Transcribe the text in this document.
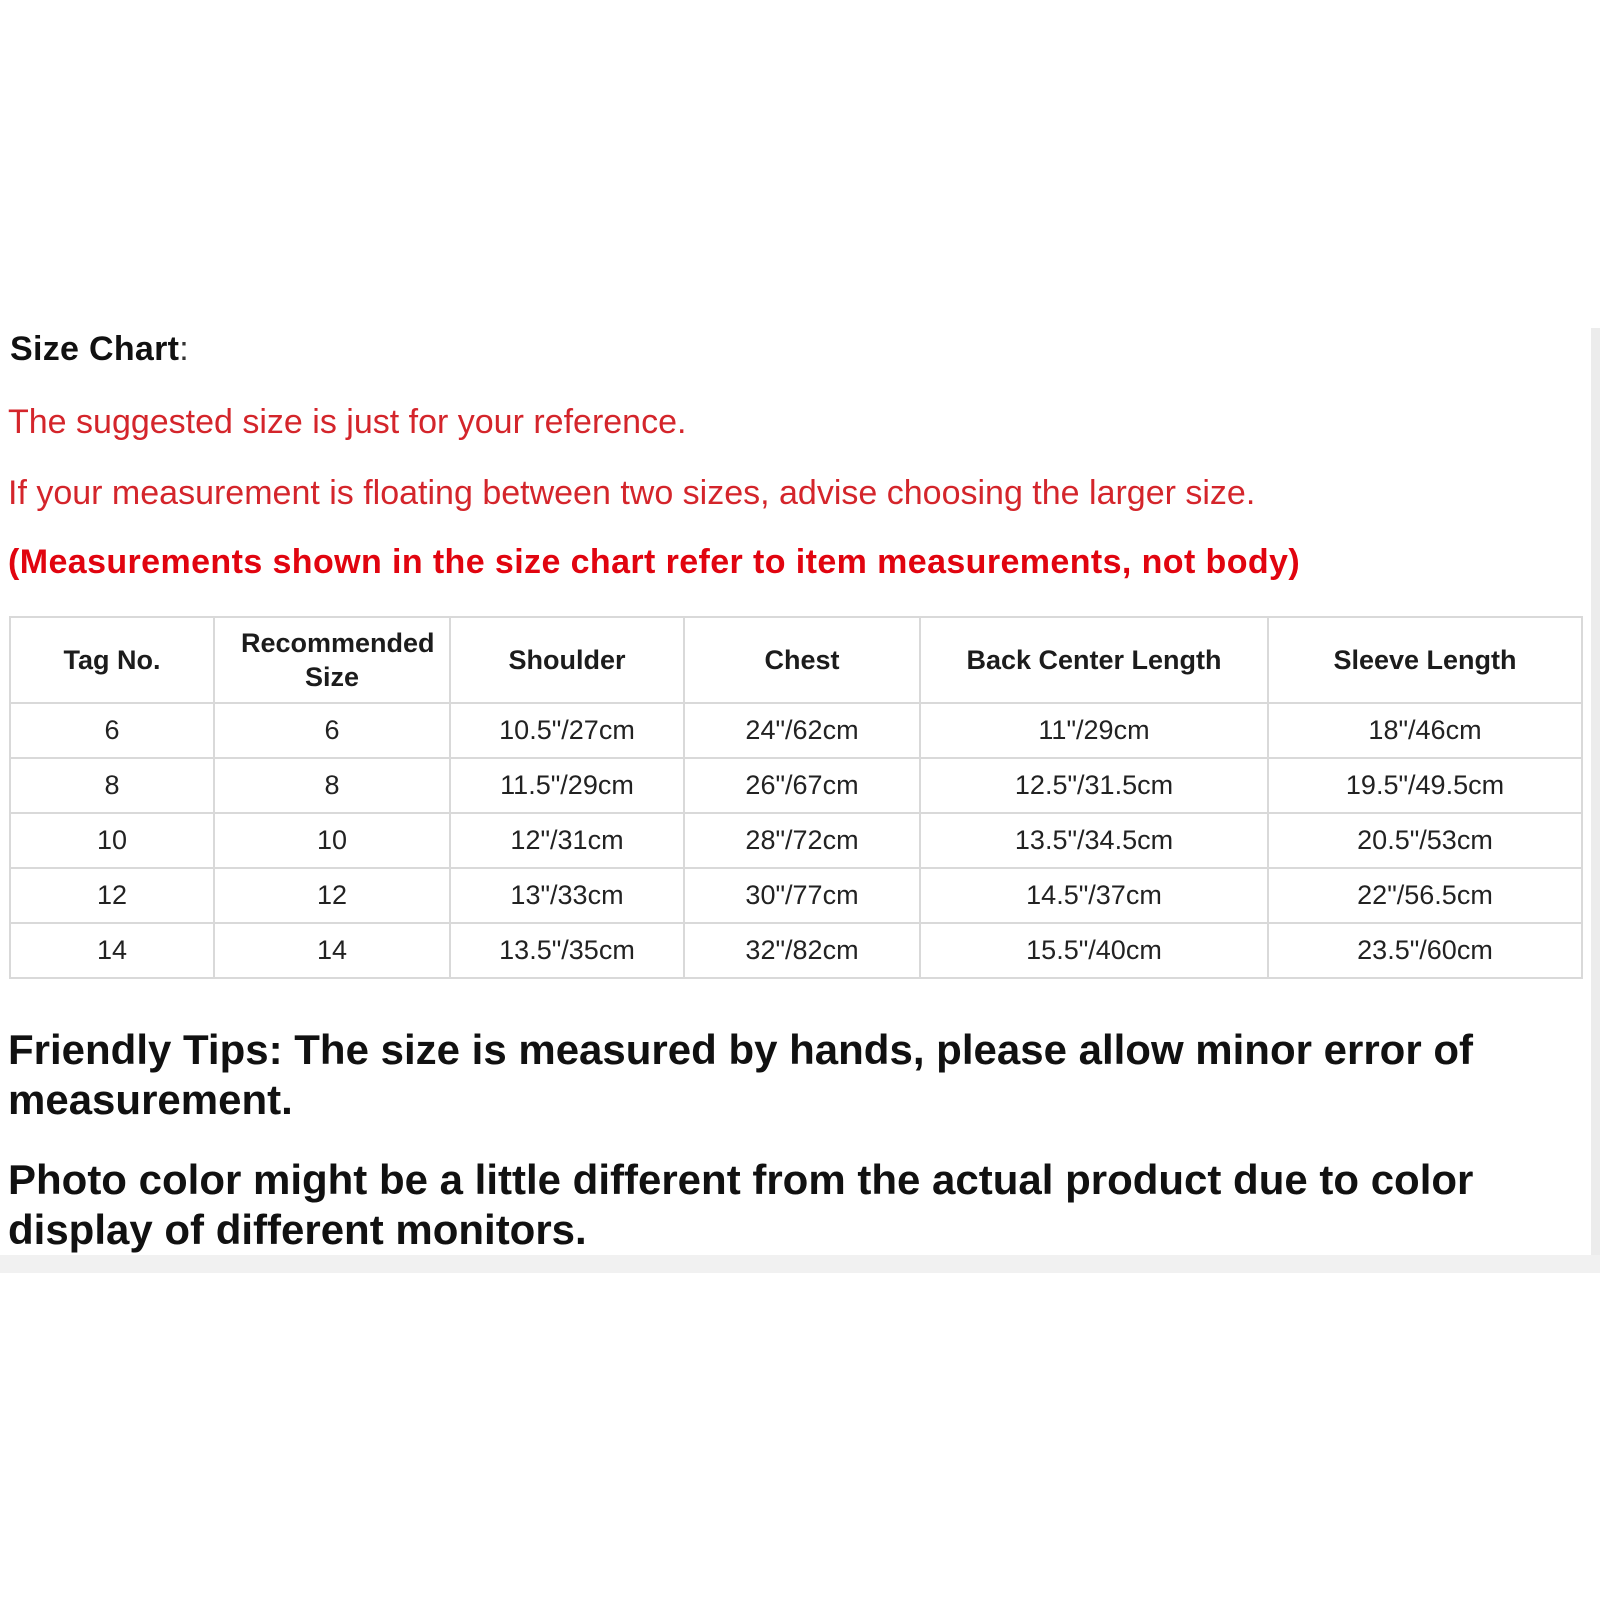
Size Chart:
The suggested size is just for your reference.
If your measurement is floating between two sizes, advise choosing the larger size.
(Measurements shown in the size chart refer to item measurements, not body)
Tag No.	Recommended Size	Shoulder	Chest	Back Center Length	Sleeve Length
6	6	10.5"/27cm	24"/62cm	11"/29cm	18"/46cm
8	8	11.5"/29cm	26"/67cm	12.5"/31.5cm	19.5"/49.5cm
10	10	12"/31cm	28"/72cm	13.5"/34.5cm	20.5"/53cm
12	12	13"/33cm	30"/77cm	14.5"/37cm	22"/56.5cm
14	14	13.5"/35cm	32"/82cm	15.5"/40cm	23.5"/60cm
Friendly Tips: The size is measured by hands, please allow minor error of measurement.
Photo color might be a little different from the actual product due to color display of different monitors.
